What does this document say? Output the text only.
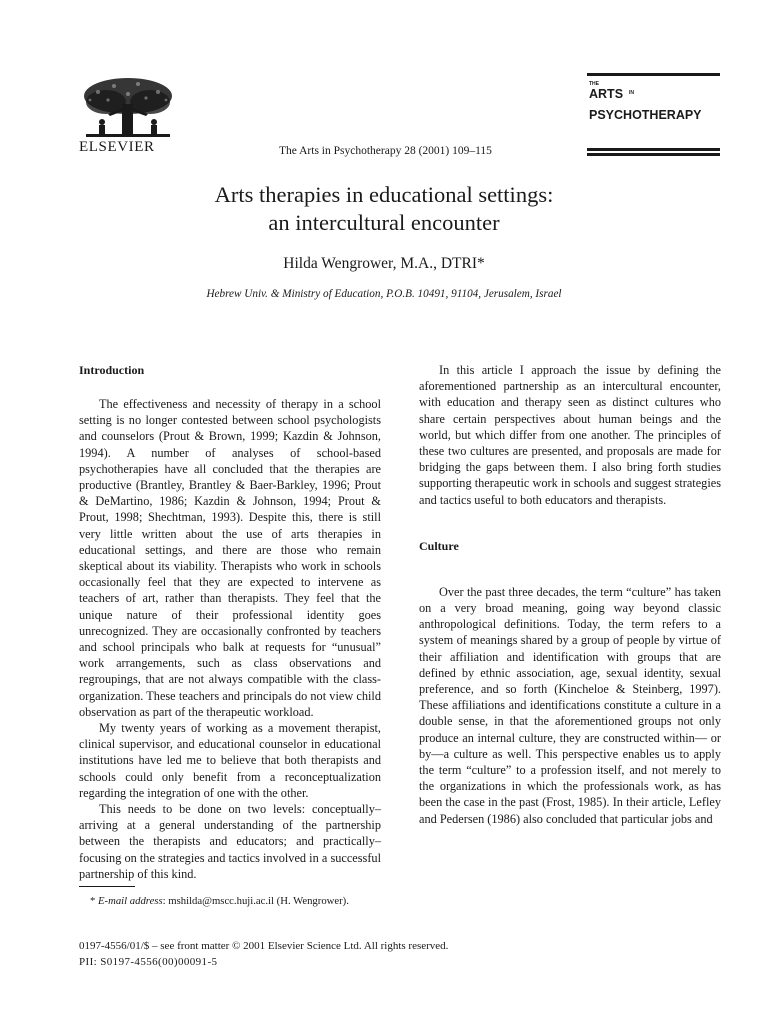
ELSEVIER	The Arts in Psychotherapy 28 (2001) 109–115
THE
ARTS IN
PSYCHOTHERAPY
Arts therapies in educational settings:
an intercultural encounter
Hilda Wengrower, M.A., DTRI*
Hebrew Univ. & Ministry of Education, P.O.B. 10491, 91104, Jerusalem, Israel
Introduction

The effectiveness and necessity of therapy in a school setting is no longer contested between school psychologists and counselors (Prout & Brown, 1999; Kazdin & Johnson, 1994). A number of analyses of school-based psychotherapies have all concluded that the therapies are productive (Brantley, Brantley & Baer-Barkley, 1996; Prout & DeMartino, 1986; Kazdin & Johnson, 1994; Prout & Prout, 1998; Shechtman, 1993). Despite this, there is still very little written about the use of arts therapies in educational settings, and there are those who remain skeptical about its viability. Therapists who work in schools occasionally feel that they are expected to intervene as teachers of art, rather than therapists. They feel that the unique nature of their professional identity goes unrecognized. They are occasionally confronted by teachers and school principals who balk at requests for “unusual” work arrangements, such as class observations and regroupings, that are not always compatible with the class-organization. These teachers and principals do not view child observation as part of the therapeutic workload.

My twenty years of working as a movement therapist, clinical supervisor, and educational counselor in educational institutions have led me to believe that both therapists and schools could only benefit from a reconceptualization regarding the integration of one with the other.

This needs to be done on two levels: conceptually–arriving at a general understanding of the partnership between the therapists and educators; and practically–focusing on the strategies and tactics involved in a successful partnership of this kind.

In this article I approach the issue by defining the aforementioned partnership as an intercultural encounter, with education and therapy seen as distinct cultures who share certain perspectives about human beings and the world, but which differ from one another. The principles of these two cultures are presented, and proposals are made for bridging the gaps between them. I also bring forth studies supporting therapeutic work in schools and suggest strategies and tactics useful to both educators and therapists.

Culture

Over the past three decades, the term “culture” has taken on a very broad meaning, going way beyond classic anthropological definitions. Today, the term refers to a system of meanings shared by a group of people by virtue of their affiliation and identification with groups that are defined by ethnic association, age, sexual identity, sexual preference, and so forth (Kincheloe & Steinberg, 1997). These affiliations and identifications constitute a culture in a double sense, in that the aforementioned groups not only produce an internal culture, they are constructed within— or by—a culture as well. This perspective enables us to apply the term “culture” to a profession itself, and not merely to the organizations in which the professionals work, as has been the case in the past (Frost, 1985). In their article, Lefley and Pedersen (1986) also concluded that particular jobs and

* E-mail address: mshilda@mscc.huji.ac.il (H. Wengrower).
0197-4556/01/$ – see front matter © 2001 Elsevier Science Ltd. All rights reserved.
PII: S0197-4556(00)00091-5
